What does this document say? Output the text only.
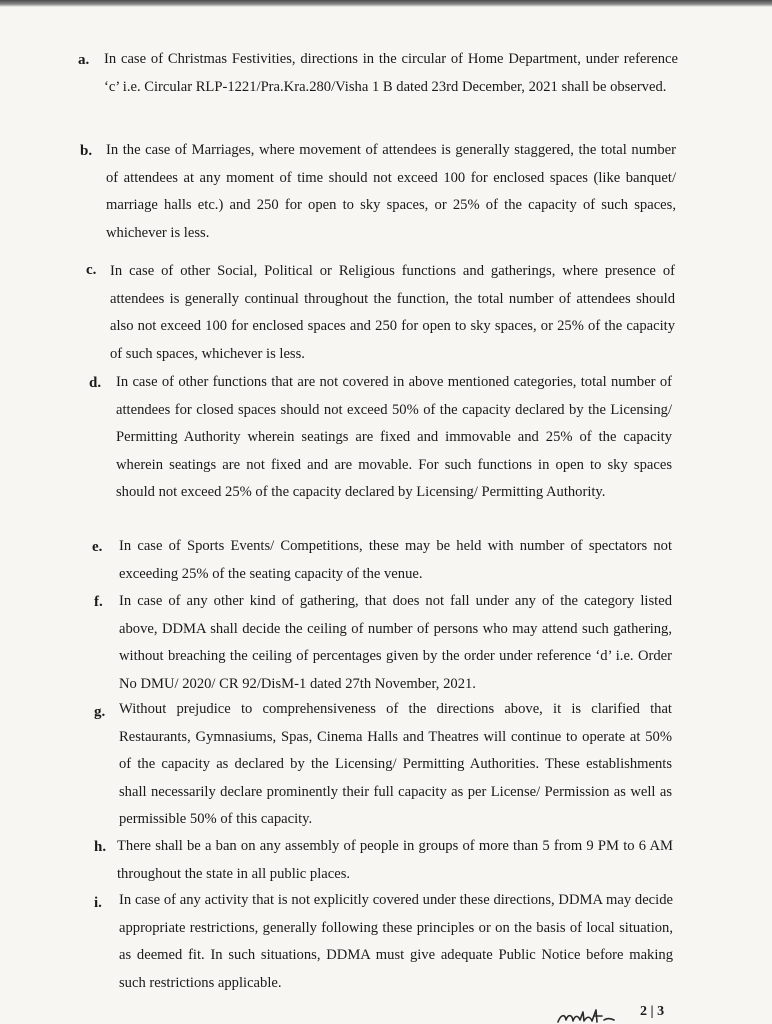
a. In case of Christmas Festivities, directions in the circular of Home Department, under reference ‘c’ i.e. Circular RLP-1221/Pra.Kra.280/Visha 1 B dated 23rd December, 2021 shall be observed.
b. In the case of Marriages, where movement of attendees is generally staggered, the total number of attendees at any moment of time should not exceed 100 for enclosed spaces (like banquet/ marriage halls etc.) and 250 for open to sky spaces, or 25% of the capacity of such spaces, whichever is less.
c. In case of other Social, Political or Religious functions and gatherings, where presence of attendees is generally continual throughout the function, the total number of attendees should also not exceed 100 for enclosed spaces and 250 for open to sky spaces, or 25% of the capacity of such spaces, whichever is less.
d. In case of other functions that are not covered in above mentioned categories, total number of attendees for closed spaces should not exceed 50% of the capacity declared by the Licensing/ Permitting Authority wherein seatings are fixed and immovable and 25% of the capacity wherein seatings are not fixed and are movable. For such functions in open to sky spaces should not exceed 25% of the capacity declared by Licensing/ Permitting Authority.
e. In case of Sports Events/ Competitions, these may be held with number of spectators not exceeding 25% of the seating capacity of the venue.
f. In case of any other kind of gathering, that does not fall under any of the category listed above, DDMA shall decide the ceiling of number of persons who may attend such gathering, without breaching the ceiling of percentages given by the order under reference ‘d’ i.e. Order No DMU/ 2020/ CR 92/DisM-1 dated 27th November, 2021.
g. Without prejudice to comprehensiveness of the directions above, it is clarified that Restaurants, Gymnasiums, Spas, Cinema Halls and Theatres will continue to operate at 50% of the capacity as declared by the Licensing/ Permitting Authorities. These establishments shall necessarily declare prominently their full capacity as per License/ Permission as well as permissible 50% of this capacity.
h. There shall be a ban on any assembly of people in groups of more than 5 from 9 PM to 6 AM throughout the state in all public places.
i. In case of any activity that is not explicitly covered under these directions, DDMA may decide appropriate restrictions, generally following these principles or on the basis of local situation, as deemed fit. In such situations, DDMA must give adequate Public Notice before making such restrictions applicable.
2 | 3
